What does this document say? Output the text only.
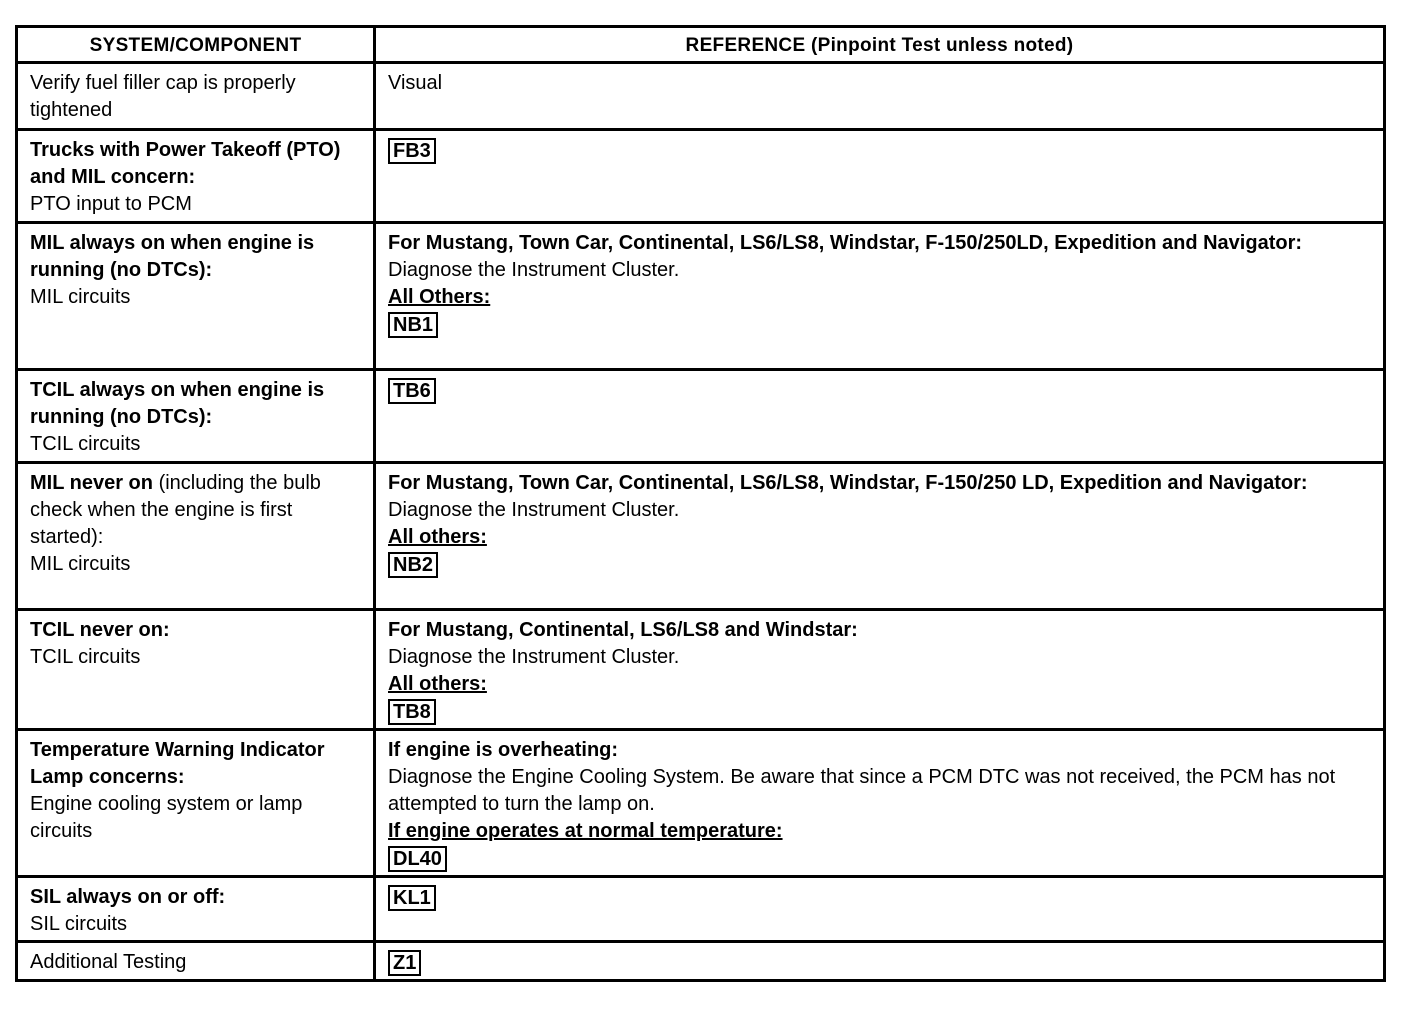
SYSTEM/COMPONENT	REFERENCE (Pinpoint Test unless noted)

Verify fuel filler cap is properly tightened	Visual

Trucks with Power Takeoff (PTO) and MIL concern:
PTO input to PCM	FB3

MIL always on when engine is running (no DTCs):
MIL circuits	For Mustang, Town Car, Continental, LS6/LS8, Windstar, F-150/250LD, Expedition and Navigator:
Diagnose the Instrument Cluster.
All Others:
NB1

TCIL always on when engine is running (no DTCs):
TCIL circuits	TB6
MIL never on (including the bulb check when the engine is first started):
MIL circuits	For Mustang, Town Car, Continental, LS6/LS8, Windstar, F-150/250 LD, Expedition and Navigator:
Diagnose the Instrument Cluster.
All others:
NB2

TCIL never on:
TCIL circuits	For Mustang, Continental, LS6/LS8 and Windstar:
Diagnose the Instrument Cluster.
All others:
TB8

Temperature Warning Indicator Lamp concerns:
Engine cooling system or lamp circuits	If engine is overheating:
Diagnose the Engine Cooling System. Be aware that since a PCM DTC was not received, the PCM has not attempted to turn the lamp on.
If engine operates at normal temperature:
DL40

SIL always on or off:
SIL circuits	KL1

Additional Testing	Z1
